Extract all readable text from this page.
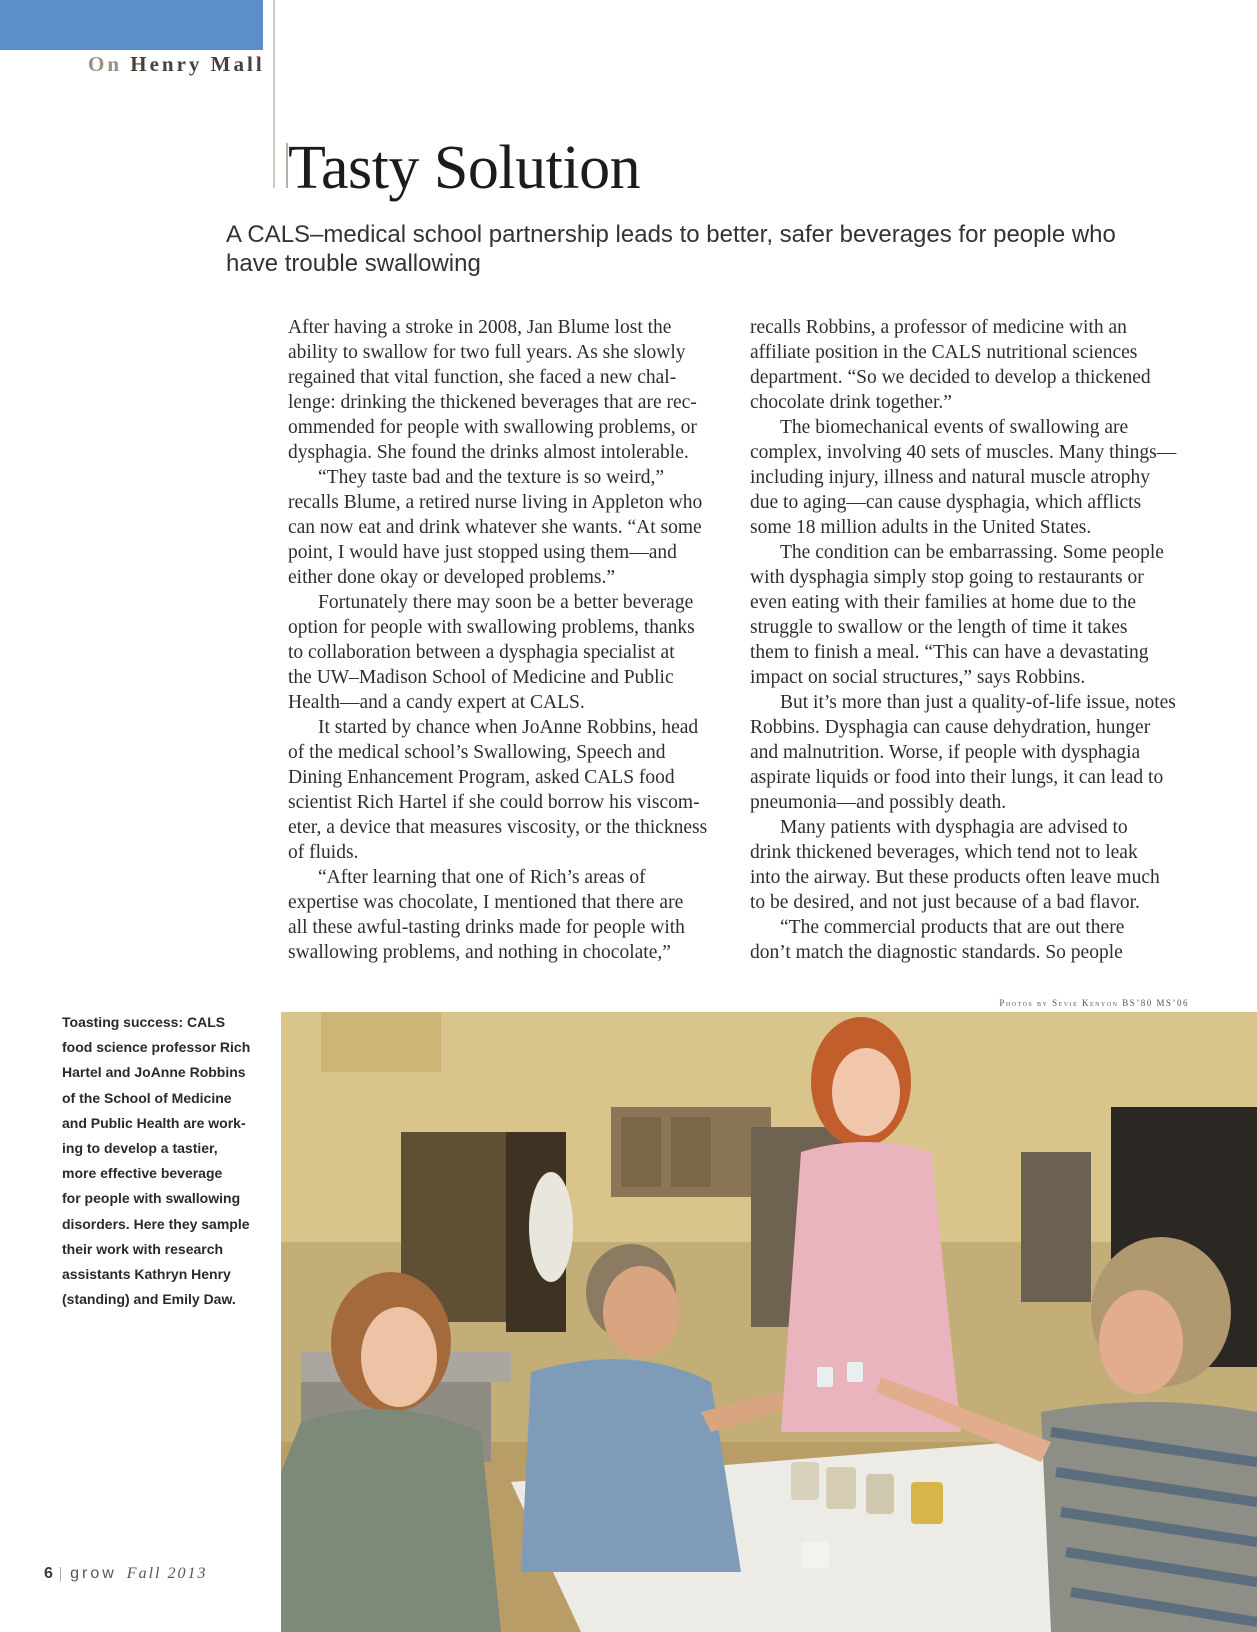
On Henry Mall
Tasty Solution

A CALS–medical school partnership leads to better, safer beverages for people who have trouble swallowing

After having a stroke in 2008, Jan Blume lost the
ability to swallow for two full years. As she slowly
regained that vital function, she faced a new chal-
lenge: drinking the thickened beverages that are rec-
ommended for people with swallowing problems, or
dysphagia. She found the drinks almost intolerable.

“They taste bad and the texture is so weird,”
recalls Blume, a retired nurse living in Appleton who
can now eat and drink whatever she wants. “At some
point, I would have just stopped using them—and
either done okay or developed problems.”

Fortunately there may soon be a better beverage
option for people with swallowing problems, thanks
to collaboration between a dysphagia specialist at
the UW–Madison School of Medicine and Public
Health—and a candy expert at CALS.

It started by chance when JoAnne Robbins, head
of the medical school’s Swallowing, Speech and
Dining Enhancement Program, asked CALS food
scientist Rich Hartel if she could borrow his viscom-
eter, a device that measures viscosity, or the thickness
of fluids.

“After learning that one of Rich’s areas of
expertise was chocolate, I mentioned that there are
all these awful-tasting drinks made for people with
swallowing problems, and nothing in chocolate,”

recalls Robbins, a professor of medicine with an
affiliate position in the CALS nutritional sciences
department. “So we decided to develop a thickened
chocolate drink together.”

The biomechanical events of swallowing are
complex, involving 40 sets of muscles. Many things—
including injury, illness and natural muscle atrophy
due to aging—can cause dysphagia, which afflicts
some 18 million adults in the United States.

The condition can be embarrassing. Some people
with dysphagia simply stop going to restaurants or
even eating with their families at home due to the
struggle to swallow or the length of time it takes
them to finish a meal. “This can have a devastating
impact on social structures,” says Robbins.

But it’s more than just a quality-of-life issue, notes
Robbins. Dysphagia can cause dehydration, hunger
and malnutrition. Worse, if people with dysphagia
aspirate liquids or food into their lungs, it can lead to
pneumonia—and possibly death.

Many patients with dysphagia are advised to
drink thickened beverages, which tend not to leak
into the airway. But these products often leave much
to be desired, and not just because of a bad flavor.

“The commercial products that are out there
don’t match the diagnostic standards. So people

Photos by Sevie Kenyon BS’80 MS’06

Toasting success: CALS
food science professor Rich
Hartel and JoAnne Robbins
of the School of Medicine
and Public Health are work-
ing to develop a tastier,
more effective beverage
for people with swallowing
disorders. Here they sample
their work with research
assistants Kathryn Henry
(standing) and Emily Daw.

6 | grow Fall 2013
